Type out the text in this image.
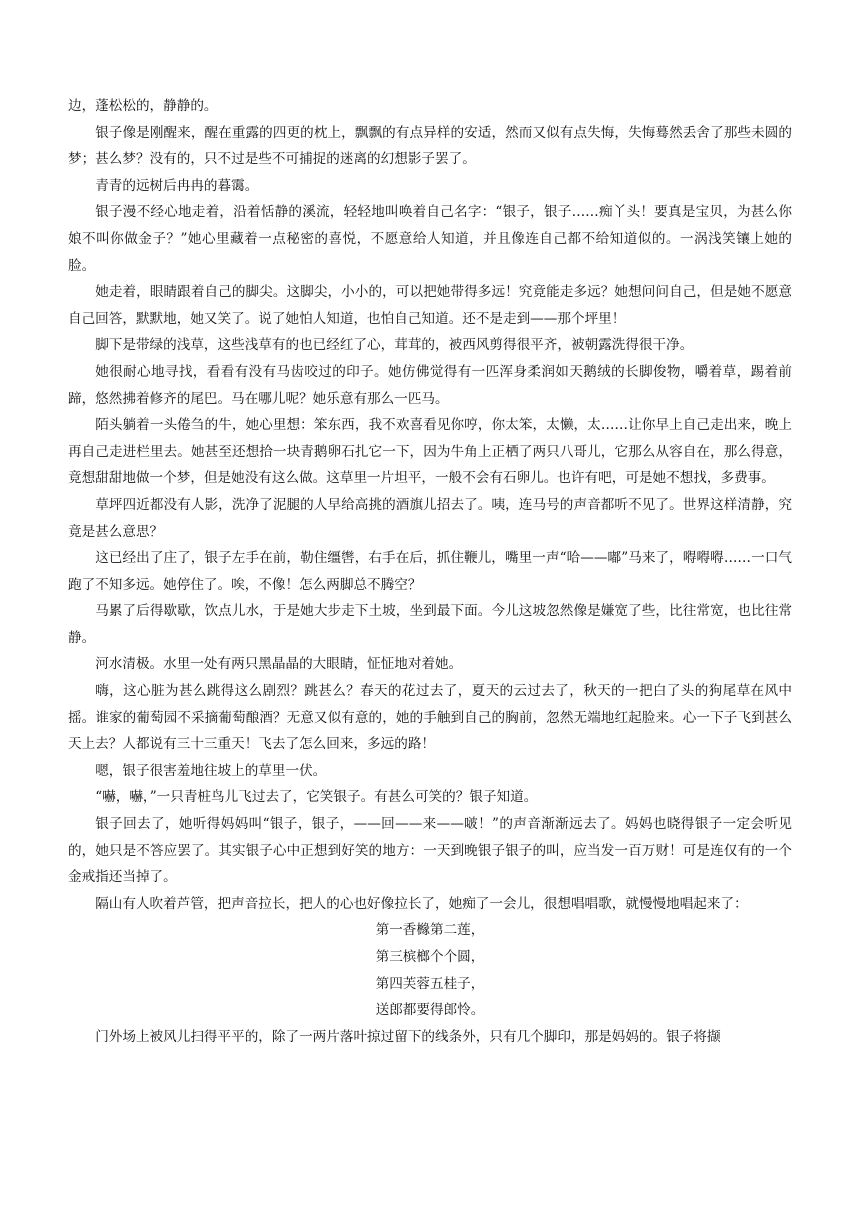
边，蓬松松的，静静的。

银子像是刚醒来，醒在重露的四更的枕上，飘飘的有点异样的安适，然而又似有点失悔，失悔蓦然丢舍了那些未圆的梦；甚么梦？没有的，只不过是些不可捕捉的迷离的幻想影子罢了。

青青的远树后冉冉的暮霭。

银子漫不经心地走着，沿着恬静的溪流，轻轻地叫唤着自己名字：“银子，银子……痴丫头！要真是宝贝，为甚么你娘不叫你做金子？”她心里藏着一点秘密的喜悦，不愿意给人知道，并且像连自己都不给知道似的。一涡浅笑镶上她的脸。

她走着，眼睛跟着自己的脚尖。这脚尖，小小的，可以把她带得多远！究竟能走多远？她想问问自己，但是她不愿意自己回答，默默地，她又笑了。说了她怕人知道，也怕自己知道。还不是走到——那个坪里！

脚下是带绿的浅草，这些浅草有的也已经红了心，茸茸的，被西风剪得很平齐，被朝露洗得很干净。

她很耐心地寻找，看看有没有马齿咬过的印子。她仿佛觉得有一匹浑身柔润如天鹅绒的长脚俊物，嚼着草，踢着前蹄，悠然拂着修齐的尾巴。马在哪儿呢？她乐意有那么一匹马。

陌头躺着一头倦刍的牛，她心里想：笨东西，我不欢喜看见你哼，你太笨，太懒，太……让你早上自己走出来，晚上再自己走进栏里去。她甚至还想拾一块青鹅卵石扎它一下，因为牛角上正栖了两只八哥儿，它那么从容自在，那么得意，竟想甜甜地做一个梦，但是她没有这么做。这草里一片坦平，一般不会有石卵儿。也许有吧，可是她不想找，多费事。

草坪四近都没有人影，洗净了泥腿的人早给高挑的酒旗儿招去了。咦，连马号的声音都听不见了。世界这样清静，究竟是甚么意思？

这已经出了庄了，银子左手在前，勒住缰辔，右手在后，抓住鞭儿，嘴里一声“哈——嘟”马来了，嘚嘚嘚……一口气跑了不知多远。她停住了。唉，不像！怎么两脚总不腾空？

马累了后得歇歇，饮点儿水，于是她大步走下土坡，坐到最下面。今儿这坡忽然像是嫌宽了些，比往常宽，也比往常静。

河水清极。水里一处有两只黑晶晶的大眼睛，怔怔地对着她。

嗨，这心脏为甚么跳得这么剧烈？跳甚么？春天的花过去了，夏天的云过去了，秋天的一把白了头的狗尾草在风中摇。谁家的葡萄园不采摘葡萄酿酒？无意又似有意的，她的手触到自己的胸前，忽然无端地红起脸来。心一下子飞到甚么天上去？人都说有三十三重天！飞去了怎么回来，多远的路！

嗯，银子很害羞地往坡上的草里一伏。

“嚇，嚇，”一只青桩鸟儿飞过去了，它笑银子。有甚么可笑的？银子知道。

银子回去了，她听得妈妈叫“银子，银子，——回——来——啵！”的声音渐渐远去了。妈妈也晓得银子一定会听见的，她只是不答应罢了。其实银子心中正想到好笑的地方：一天到晚银子银子的叫，应当发一百万财！可是连仅有的一个金戒指还当掉了。

隔山有人吹着芦管，把声音拉长，把人的心也好像拉长了，她痴了一会儿，很想唱唱歌，就慢慢地唱起来了：

第一香櫞第二莲，
第三槟榔个个圆，
第四芙蓉五桂子，
送郎都要得郎怜。

门外场上被风儿扫得平平的，除了一两片落叶掠过留下的线条外，只有几个脚印，那是妈妈的。银子将撷
